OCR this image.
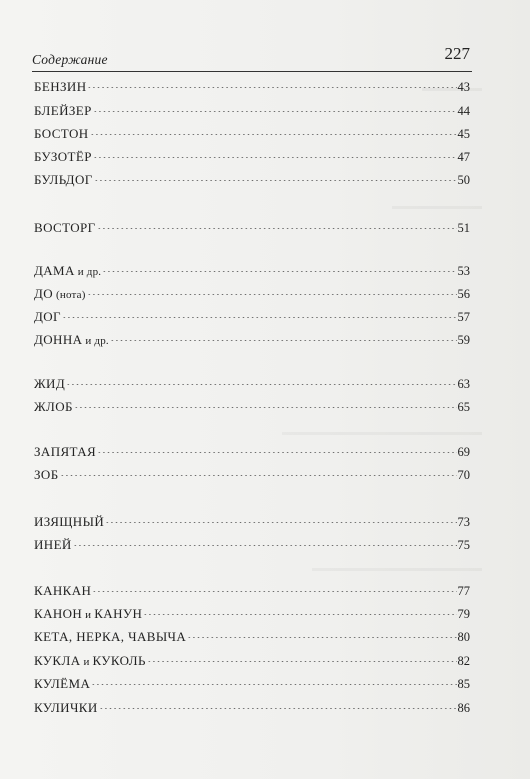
Содержание	227
БЕНЗИН	43
БЛЕЙЗЕР	44
БОСТОН	45
БУЗОТЁР	47
БУЛЬДОГ	50
ВОСТОРГ	51
ДАМА и др.	53
ДО (нота)	56
ДОГ	57
ДОННА и др.	59
ЖИД	63
ЖЛОБ	65
ЗАПЯТАЯ	69
ЗОБ	70
ИЗЯЩНЫЙ	73
ИНЕЙ	75
КАНКАН	77
КАНОН и КАНУН	79
КЕТА, НЕРКА, ЧАВЫЧА	80
КУКЛА и КУКОЛЬ	82
КУЛЁМА	85
КУЛИЧКИ	86
